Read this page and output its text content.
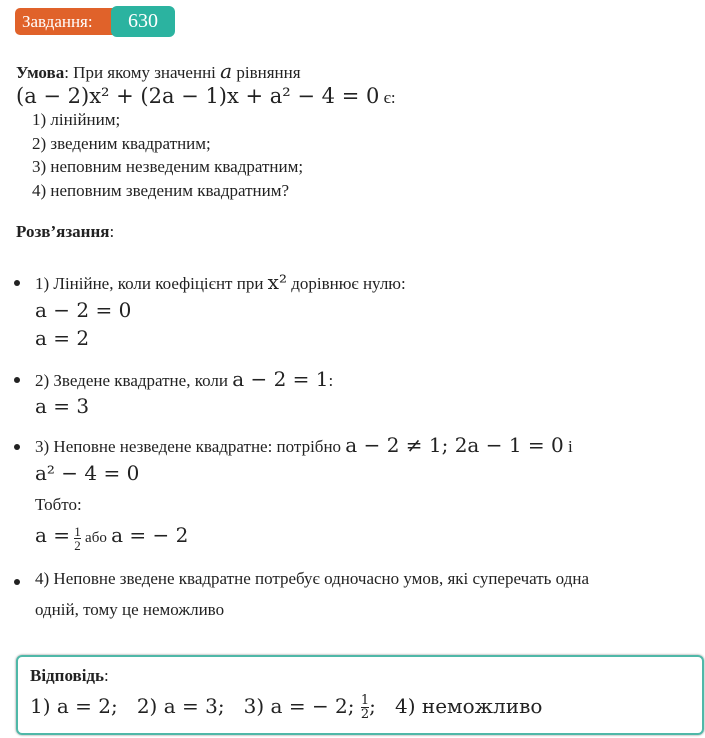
Завдання:	630
Умова: При якому значенні a рівняння
(a − 2)x² + (2a − 1)x + a² − 4 = 0 є:
1) лінійним;
2) зведеним квадратним;
3) неповним незведеним квадратним;
4) неповним зведеним квадратним?
Розв’язання:
1) Лінійне, коли коефіцієнт при x² дорівнює нулю:
a − 2 = 0
a = 2
2) Зведене квадратне, коли a − 2 = 1:
a = 3
3) Неповне незведене квадратне: потрібно a − 2 ≠ 1; 2a − 1 = 0 і
a² − 4 = 0
Тобто:
$a = \frac{1}{2}$ або a = − 2
4) Неповне зведене квадратне потребує одночасно умов, які суперечать одна
одній, тому це неможливо
Відповідь:
1) a = 2; 2) a = 3; 3) a = − 2; $\frac{1}{2}$ ; 4) неможливо
